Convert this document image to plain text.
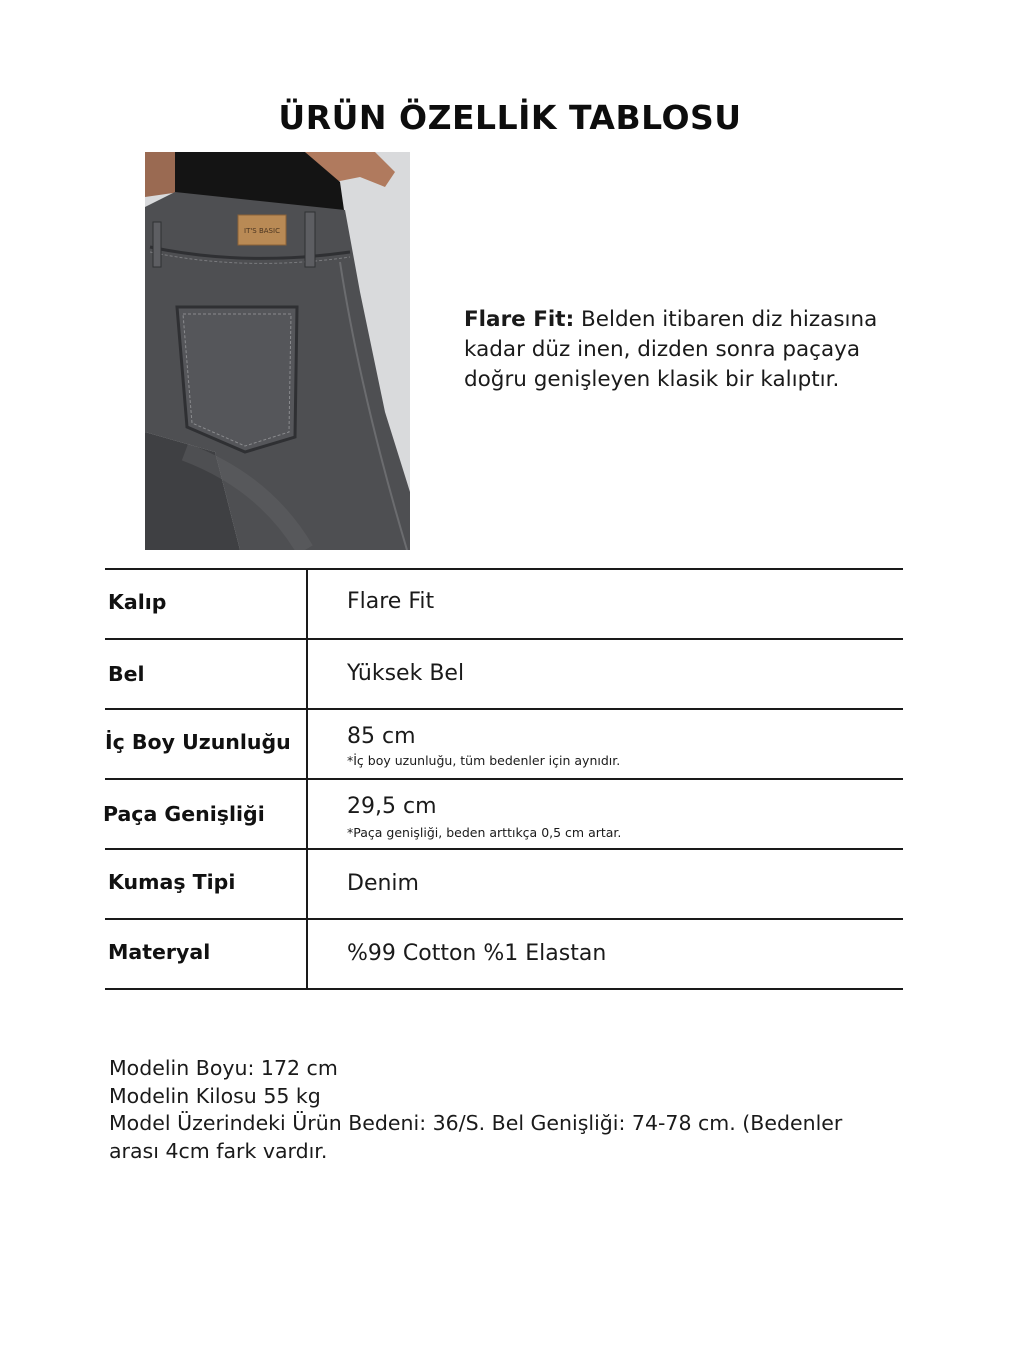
ÜRÜN ÖZELLİK TABLOSU
IT'S BASIC
Flare Fit: Belden itibaren diz hizasına kadar düz inen, dizden sonra paçaya doğru genişleyen klasik bir kalıptır.
Kalıp	Flare Fit
Bel	Yüksek Bel
İç Boy Uzunluğu	85 cm
*İç boy uzunluğu, tüm bedenler için aynıdır.
Paça Genişliği	29,5 cm
*Paça genişliği, beden arttıkça 0,5 cm artar.
Kumaş Tipi	Denim
Materyal	%99 Cotton %1 Elastan
Modelin Boyu: 172 cm
Modelin Kilosu 55 kg
Model Üzerindeki Ürün Bedeni: 36/S. Bel Genişliği: 74-78 cm. (Bedenler
arası 4cm fark vardır.
